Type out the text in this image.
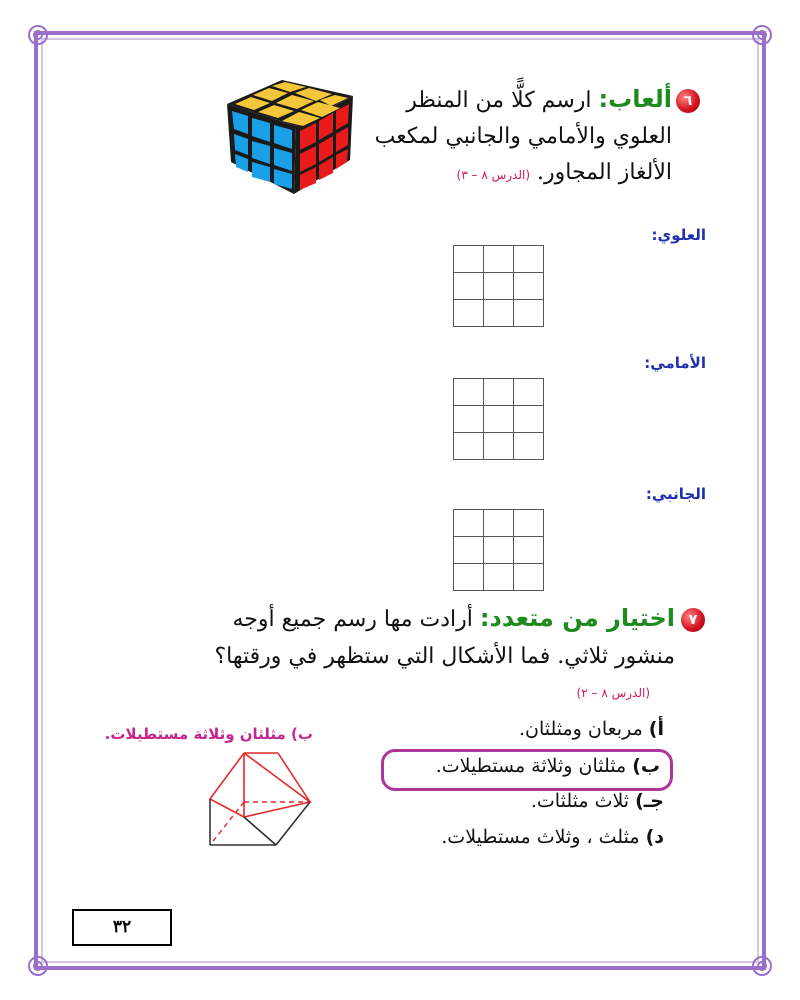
٦
ألعاب: ارسم كلًّا من المنظر
العلوي والأمامي والجانبي لمكعب
الألغاز المجاور. (الدرس ٨ – ٣)
العلوي:
الأمامي:
الجانبي:
٧
اختيار من متعدد: أرادت مها رسم جميع أوجه
منشور ثلاثي. فما الأشكال التي ستظهر في ورقتها؟
(الدرس ٨ – ٢)
أ) مربعان ومثلثان.
ب) مثلثان وثلاثة مستطيلات.
جـ) ثلاث مثلثات.
د) مثلث ، وثلاث مستطيلات.
ب) مثلثان وثلاثة مستطيلات.
٣٢
